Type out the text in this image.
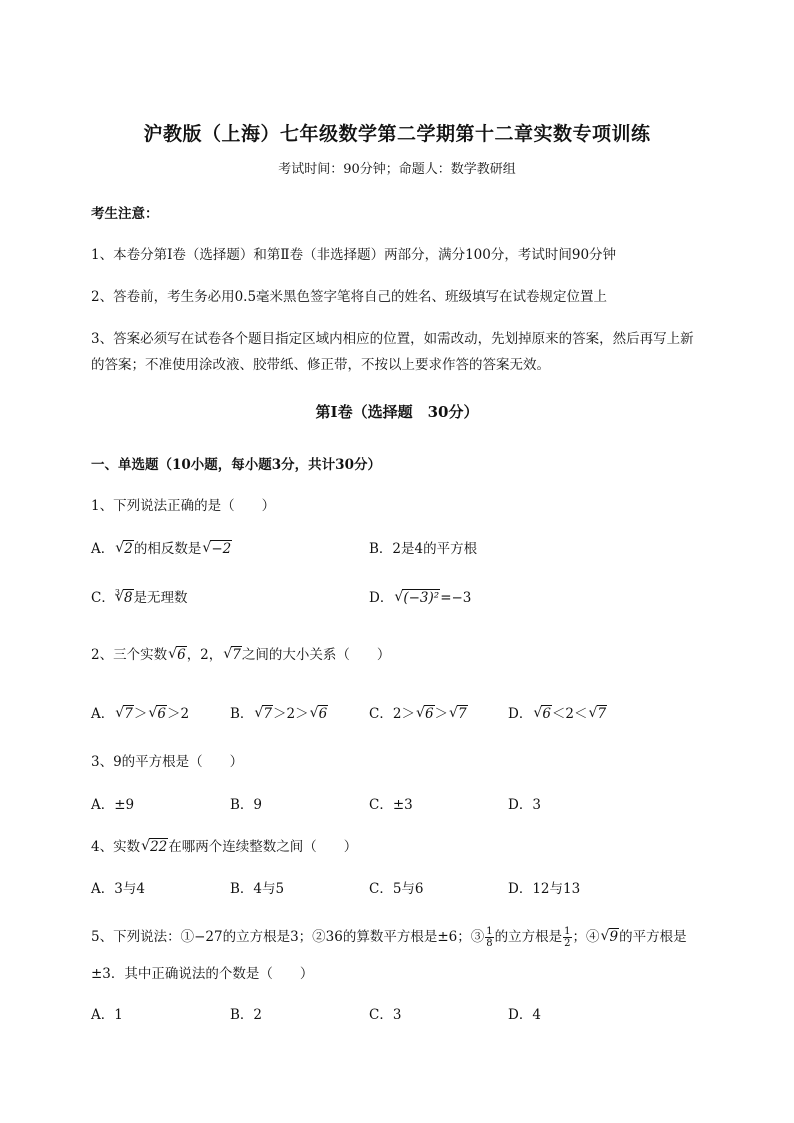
沪教版（上海）七年级数学第二学期第十二章实数专项训练
考试时间：90分钟；命题人：数学教研组
考生注意：
1、本卷分第I卷（选择题）和第Ⅱ卷（非选择题）两部分，满分100分，考试时间90分钟
2、答卷前，考生务必用0.5毫米黑色签字笔将自己的姓名、班级填写在试卷规定位置上
3、答案必须写在试卷各个题目指定区域内相应的位置，如需改动，先划掉原来的答案，然后再写上新
的答案；不准使用涂改液、胶带纸、修正带，不按以上要求作答的答案无效。
第I卷（选择题　30分）
一、单选题（10小题，每小题3分，共计30分）
1、下列说法正确的是（　　）
A． √ 2的相反数是 √ −2	B．2是4的平方根
C．$^3$ √ 8是无理数	D． √ (−3)²=−3
2、三个实数 √ 6，2， √ 7之间的大小关系（　　）
A． √ 7＞ √ 6＞2	B． √ 7＞2＞ √ 6	C．2＞ √ 6＞ √ 7	D． √ 6＜2＜ √ 7
3、9的平方根是（　　）
A．±9	B．9	C．±3	D．3
4、实数 √ 22在哪两个连续整数之间（　　）
A．3与4	B．4与5	C．5与6	D．12与13
5、下列说法：①−27的立方根是3；②36的算数平方根是±6；③ $\frac{1}{8}$ 的立方根是 $\frac{1}{2}$ ；④ √ 9的平方根是
±3．其中正确说法的个数是（　　）
A．1	B．2	C．3	D．4
